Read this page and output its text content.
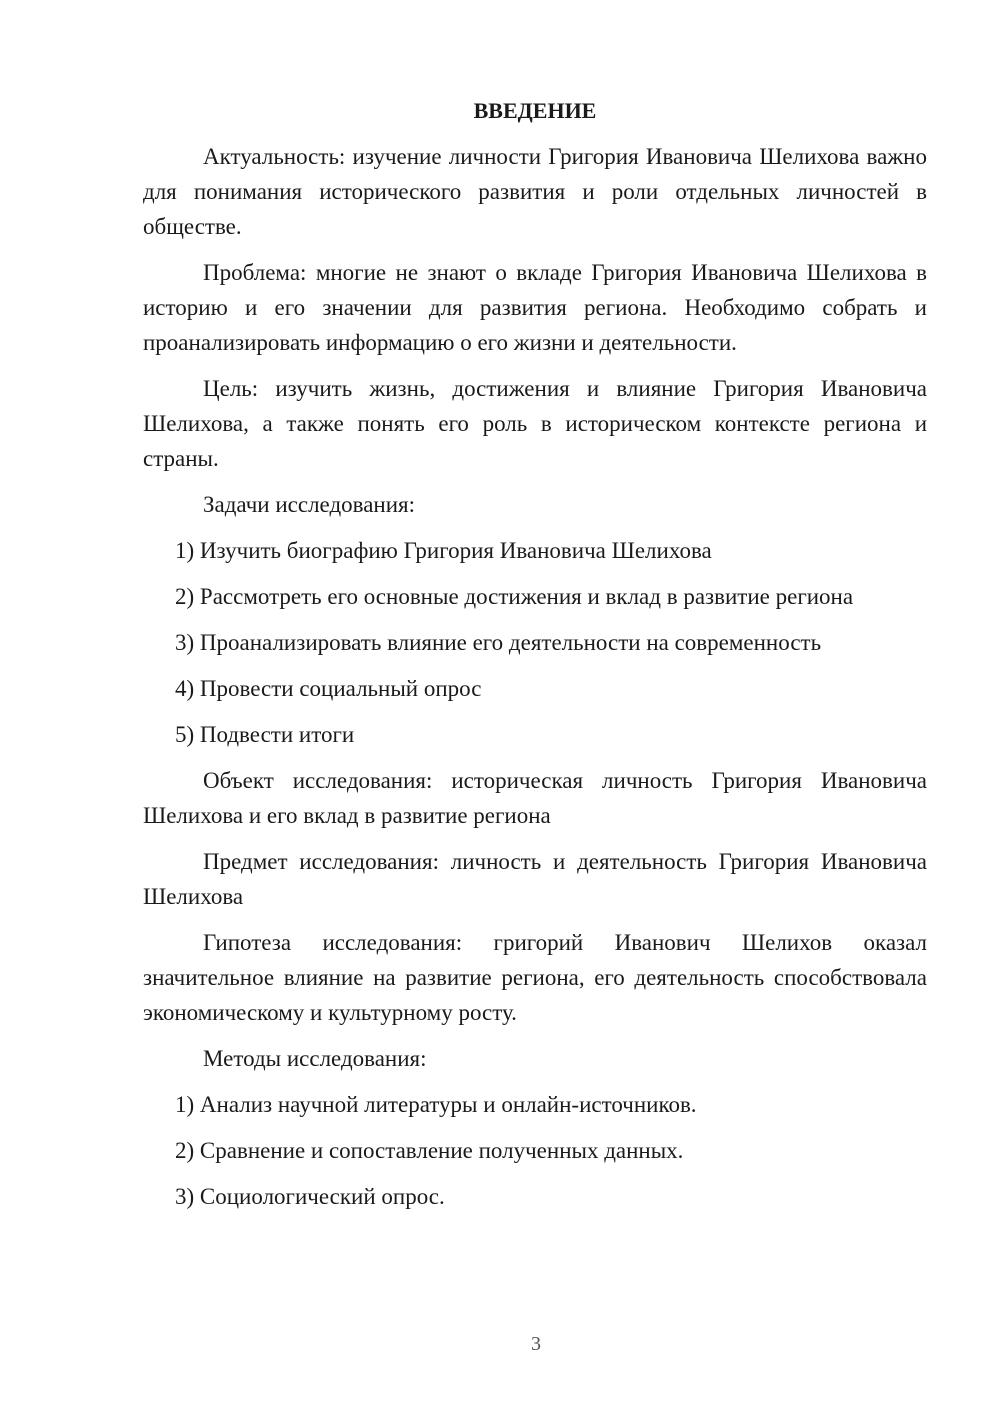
ВВЕДЕНИЕ

Актуальность: изучение личности Григория Ивановича Шелихова важно для понимания исторического развития и роли отдельных личностей в обществе.

Проблема: многие не знают о вкладе Григория Ивановича Шелихова в историю и его значении для развития региона. Необходимо собрать и проанализировать информацию о его жизни и деятельности.

Цель: изучить жизнь, достижения и влияние Григория Ивановича Шелихова, а также понять его роль в историческом контексте региона и страны.

Задачи исследования:

1) Изучить биографию Григория Ивановича Шелихова
2) Рассмотреть его основные достижения и вклад в развитие региона
3) Проанализировать влияние его деятельности на современность
4) Провести социальный опрос
5) Подвести итоги

Объект исследования: историческая личность Григория Ивановича Шелихова и его вклад в развитие региона

Предмет исследования: личность и деятельность Григория Ивановича Шелихова

Гипотеза исследования: григорий Иванович Шелихов оказал значительное влияние на развитие региона, его деятельность способствовала экономическому и культурному росту.

Методы исследования:

1) Анализ научной литературы и онлайн-источников.
2) Сравнение и сопоставление полученных данных.
3) Социологический опрос.
3
